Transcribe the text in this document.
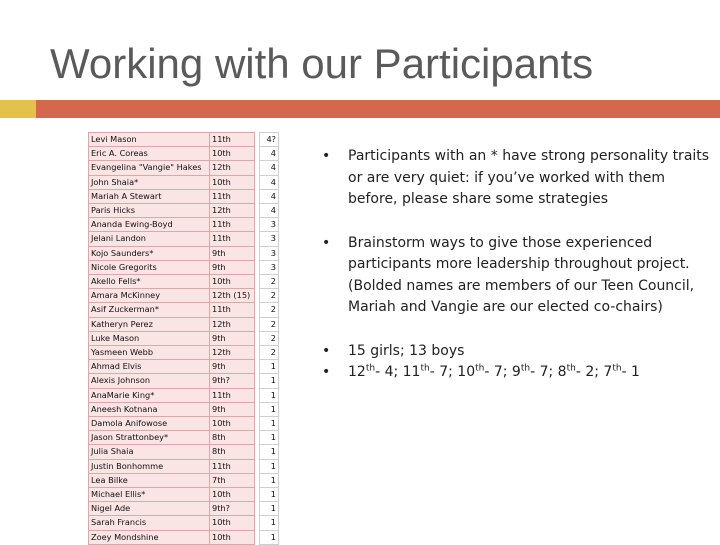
Working with our Participants
Levi Mason	11th		4?
Eric A. Coreas	10th		4
Evangelina "Vangie" Hakes	12th		4
John Shaia*	10th		4
Mariah A Stewart	11th		4
Paris Hicks	12th		4
Ananda Ewing-Boyd	11th		3
Jelani Landon	11th		3
Kojo Saunders*	9th		3
Nicole Gregorits	9th		3
Akello Fells*	10th		2
Amara McKinney	12th (15)		2
Asif Zuckerman*	11th		2
Katheryn Perez	12th		2
Luke Mason	9th		2
Yasmeen Webb	12th		2
Ahmad Elvis	9th		1
Alexis Johnson	9th?		1
AnaMarie King*	11th		1
Aneesh Kotnana	9th		1
Damola Anifowose	10th		1
Jason Strattonbey*	8th		1
Julia Shaia	8th		1
Justin Bonhomme	11th		1
Lea Bilke	7th		1
Michael Ellis*	10th		1
Nigel Ade	9th?		1
Sarah Francis	10th		1
Zoey Mondshine	10th		1
• Participants with an * have strong personality traits or are very quiet: if you’ve worked with them before, please share some strategies
• Brainstorm ways to give those experienced participants more leadership throughout project. (Bolded names are members of our Teen Council, Mariah and Vangie are our elected co-chairs)
• 15 girls; 13 boys
• 12th- 4; 11th- 7; 10th- 7; 9th- 7; 8th- 2; 7th- 1
